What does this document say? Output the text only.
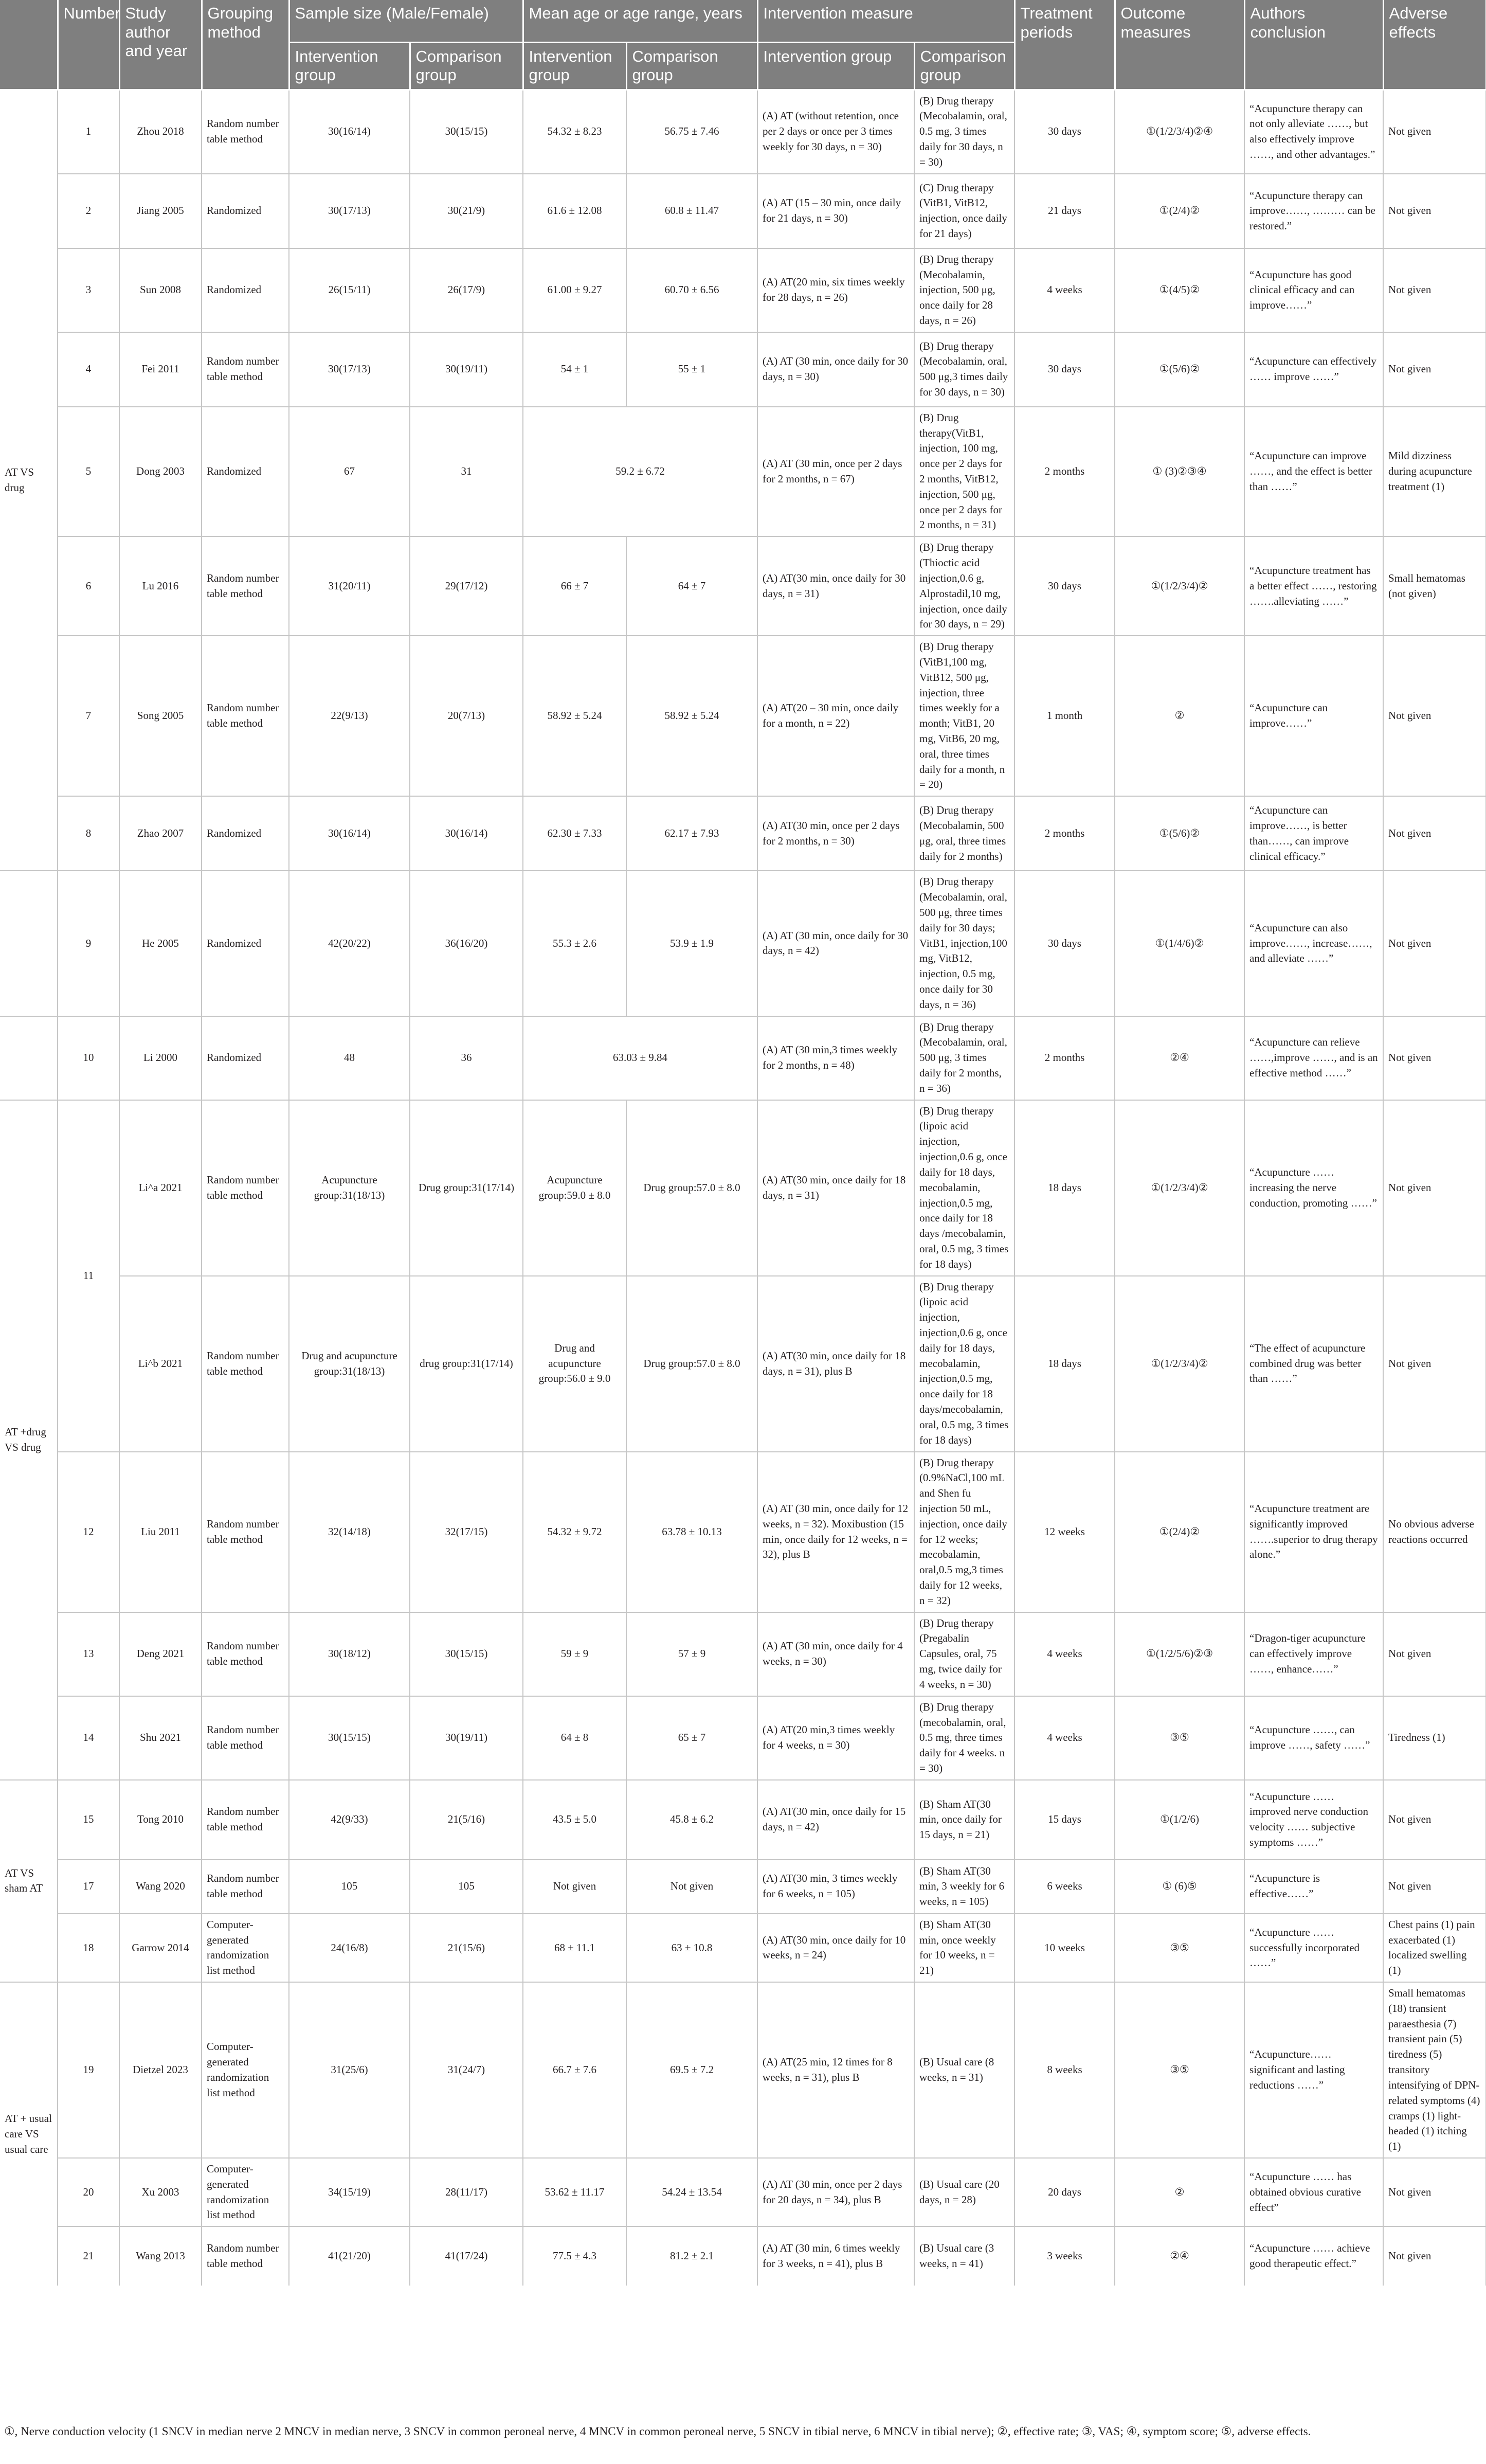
	Number	Study author and year	Grouping method	Sample size (Male/Female)		Mean age or age range, years		Intervention measure		Treatment periods	Outcome measures	Authors conclusion	Adverse effects
				Intervention group	Comparison group	Intervention group	Comparison group	Intervention group	Comparison group				
AT VS drug	1	Zhou 2018	Random number table method	30(16/14)	30(15/15)	54.32 ± 8.23	56.75 ± 7.46	(A) AT (without retention, once per 2 days or once per 3 times weekly for 30 days, n = 30)	(B) Drug therapy (Mecobalamin, oral, 0.5 mg, 3 times daily for 30 days, n = 30)	30 days	①(1/2/3/4)②④	“Acupuncture therapy can not only alleviate ……, but also effectively improve ……, and other advantages.”	Not given
	2	Jiang 2005	Randomized	30(17/13)	30(21/9)	61.6 ± 12.08	60.8 ± 11.47	(A) AT (15 – 30 min, once daily for 21 days, n = 30)	(C) Drug therapy (VitB1, VitB12, injection, once daily for 21 days)	21 days	①(2/4)②	“Acupuncture therapy can improve……, ……… can be restored.”	Not given
	3	Sun 2008	Randomized	26(15/11)	26(17/9)	61.00 ± 9.27	60.70 ± 6.56	(A) AT(20 min, six times weekly for 28 days, n = 26)	(B) Drug therapy (Mecobalamin, injection, 500 μg, once daily for 28 days, n = 26)	4 weeks	①(4/5)②	“Acupuncture has good clinical efficacy and can improve……”	Not given
	4	Fei 2011	Random number table method	30(17/13)	30(19/11)	54 ± 1	55 ± 1	(A) AT (30 min, once daily for 30 days, n = 30)	(B) Drug therapy (Mecobalamin, oral, 500 μg,3 times daily for 30 days, n = 30)	30 days	①(5/6)②	“Acupuncture can effectively …… improve ……”	Not given
	5	Dong 2003	Randomized	67	31	59.2 ± 6.72		(A) AT (30 min, once per 2 days for 2 months, n = 67)	(B) Drug therapy(VitB1, injection, 100 mg, once per 2 days for 2 months, VitB12, injection, 500 μg, once per 2 days for 2 months, n = 31)	2 months	① (3)②③④	“Acupuncture can improve ……, and the effect is better than ……”	Mild dizziness during acupuncture treatment (1)
	6	Lu 2016	Random number table method	31(20/11)	29(17/12)	66 ± 7	64 ± 7	(A) AT(30 min, once daily for 30 days, n = 31)	(B) Drug therapy (Thioctic acid injection,0.6 g, Alprostadil,10 mg, injection, once daily for 30 days, n = 29)	30 days	①(1/2/3/4)②	“Acupuncture treatment has a better effect ……, restoring …….alleviating ……”	Small hematomas (not given)
	7	Song 2005	Random number table method	22(9/13)	20(7/13)	58.92 ± 5.24	58.92 ± 5.24	(A) AT(20 – 30 min, once daily for a month, n = 22)	(B) Drug therapy (VitB1,100 mg, VitB12, 500 μg, injection, three times weekly for a month; VitB1, 20 mg, VitB6, 20 mg, oral, three times daily for a month, n = 20)	1 month	②	“Acupuncture can improve……”	Not given
	8	Zhao 2007	Randomized	30(16/14)	30(16/14)	62.30 ± 7.33	62.17 ± 7.93	(A) AT(30 min, once per 2 days for 2 months, n = 30)	(B) Drug therapy (Mecobalamin, 500 μg, oral, three times daily for 2 months)	2 months	①(5/6)②	“Acupuncture can improve……, is better than……, can improve clinical efficacy.”	Not given
	9	He 2005	Randomized	42(20/22)	36(16/20)	55.3 ± 2.6	53.9 ± 1.9	(A) AT (30 min, once daily for 30 days, n = 42)	(B) Drug therapy (Mecobalamin, oral, 500 μg, three times daily for 30 days; VitB1, injection,100 mg, VitB12, injection, 0.5 mg, once daily for 30 days, n = 36)	30 days	①(1/4/6)②	“Acupuncture can also improve……, increase……, and alleviate ……”	Not given
	10	Li 2000	Randomized	48	36	63.03 ± 9.84		(A) AT (30 min,3 times weekly for 2 months, n = 48)	(B) Drug therapy (Mecobalamin, oral, 500 μg, 3 times daily for 2 months, n = 36)	2 months	②④	“Acupuncture can relieve ……,improve ……, and is an effective method ……”	Not given
AT +drug VS drug	11	Li^a 2021	Random number table method	Acupuncture group:31(18/13)	Drug group:31(17/14)	Acupuncture group:59.0 ± 8.0	Drug group:57.0 ± 8.0	(A) AT(30 min, once daily for 18 days, n = 31)	(B) Drug therapy (lipoic acid injection, injection,0.6 g, once daily for 18 days, mecobalamin, injection,0.5 mg, once daily for 18 days /mecobalamin, oral, 0.5 mg, 3 times for 18 days)	18 days	①(1/2/3/4)②	“Acupuncture …… increasing the nerve conduction, promoting ……”	Not given
		Li^b 2021	Random number table method	Drug and acupuncture group:31(18/13)	drug group:31(17/14)	Drug and acupuncture group:56.0 ± 9.0	Drug group:57.0 ± 8.0	(A) AT(30 min, once daily for 18 days, n = 31), plus B	(B) Drug therapy (lipoic acid injection, injection,0.6 g, once daily for 18 days, mecobalamin, injection,0.5 mg, once daily for 18 days/mecobalamin, oral, 0.5 mg, 3 times for 18 days)	18 days	①(1/2/3/4)②	“The effect of acupuncture combined drug was better than ……”	Not given
	12	Liu 2011	Random number table method	32(14/18)	32(17/15)	54.32 ± 9.72	63.78 ± 10.13	(A) AT (30 min, once daily for 12 weeks, n = 32). Moxibustion (15 min, once daily for 12 weeks, n = 32), plus B	(B) Drug therapy (0.9%NaCl,100 mL and Shen fu injection 50 mL, injection, once daily for 12 weeks; mecobalamin, oral,0.5 mg,3 times daily for 12 weeks, n = 32)	12 weeks	①(2/4)②	“Acupuncture treatment are significantly improved …….superior to drug therapy alone.”	No obvious adverse reactions occurred
	13	Deng 2021	Random number table method	30(18/12)	30(15/15)	59 ± 9	57 ± 9	(A) AT (30 min, once daily for 4 weeks, n = 30)	(B) Drug therapy (Pregabalin Capsules, oral, 75 mg, twice daily for 4 weeks, n = 30)	4 weeks	①(1/2/5/6)②③	“Dragon-tiger acupuncture can effectively improve ……, enhance……”	Not given
	14	Shu 2021	Random number table method	30(15/15)	30(19/11)	64 ± 8	65 ± 7	(A) AT(20 min,3 times weekly for 4 weeks, n = 30)	(B) Drug therapy (mecobalamin, oral, 0.5 mg, three times daily for 4 weeks. n = 30)	4 weeks	③⑤	“Acupuncture ……, can improve ……, safety ……”	Tiredness (1)
AT VS sham AT	15	Tong 2010	Random number table method	42(9/33)	21(5/16)	43.5 ± 5.0	45.8 ± 6.2	(A) AT(30 min, once daily for 15 days, n = 42)	(B) Sham AT(30 min, once daily for 15 days, n = 21)	15 days	①(1/2/6)	“Acupuncture …… improved nerve conduction velocity …… subjective symptoms ……”	Not given
	17	Wang 2020	Random number table method	105	105	Not given	Not given	(A) AT(30 min, 3 times weekly for 6 weeks, n = 105)	(B) Sham AT(30 min, 3 weekly for 6 weeks, n = 105)	6 weeks	① (6)⑤	“Acupuncture is effective……”	Not given
	18	Garrow 2014	Computer-generated randomization list method	24(16/8)	21(15/6)	68 ± 11.1	63 ± 10.8	(A) AT(30 min, once daily for 10 weeks, n = 24)	(B) Sham AT(30 min, once weekly for 10 weeks, n = 21)	10 weeks	③⑤	“Acupuncture …… successfully incorporated ……”	Chest pains (1) pain exacerbated (1) localized swelling (1)
AT + usual care VS usual care	19	Dietzel 2023	Computer-generated randomization list method	31(25/6)	31(24/7)	66.7 ± 7.6	69.5 ± 7.2	(A) AT(25 min, 12 times for 8 weeks, n = 31), plus B	(B) Usual care (8 weeks, n = 31)	8 weeks	③⑤	“Acupuncture…… significant and lasting reductions ……”	Small hematomas (18) transient paraesthesia (7) transient pain (5) tiredness (5) transitory intensifying of DPN- related symptoms (4) cramps (1) light- headed (1) itching (1)
	20	Xu 2003	Computer-generated randomization list method	34(15/19)	28(11/17)	53.62 ± 11.17	54.24 ± 13.54	(A) AT (30 min, once per 2 days for 20 days, n = 34), plus B	(B) Usual care (20 days, n = 28)	20 days	②	“Acupuncture …… has obtained obvious curative effect”	Not given
	21	Wang 2013	Random number table method	41(21/20)	41(17/24)	77.5 ± 4.3	81.2 ± 2.1	(A) AT (30 min, 6 times weekly for 3 weeks, n = 41), plus B	(B) Usual care (3 weeks, n = 41)	3 weeks	②④	“Acupuncture …… achieve good therapeutic effect.”	Not given
①, Nerve conduction velocity (1 SNCV in median nerve 2 MNCV in median nerve, 3 SNCV in common peroneal nerve, 4 MNCV in common peroneal nerve, 5 SNCV in tibial nerve, 6 MNCV in tibial nerve); ②, effective rate; ③, VAS; ④, symptom score; ⑤, adverse effects.
